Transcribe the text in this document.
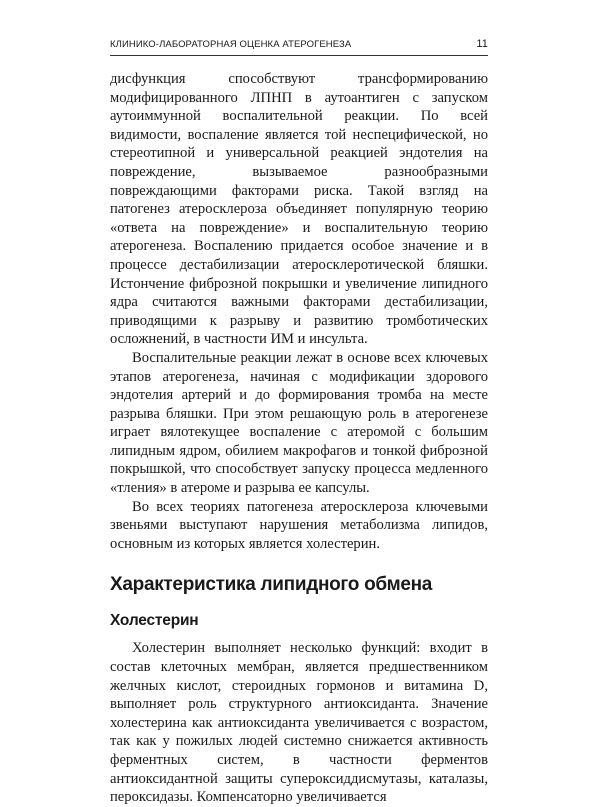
КЛИНИКО-ЛАБОРАТОРНАЯ ОЦЕНКА АТЕРОГЕНЕЗА	11

дисфункция способствуют трансформированию модифицированного ЛПНП в аутоантиген с запуском аутоиммунной воспалительной реакции. По всей видимости, воспаление является той неспецифической, но стереотипной и универсальной реакцией эндотелия на повреждение, вызываемое разнообразными повреждающими факторами риска. Такой взгляд на патогенез атеросклероза объединяет популярную теорию «ответа на повреждение» и воспалительную теорию атерогенеза. Воспалению придается особое значение и в процессе дестабилизации атеросклеротической бляшки. Истончение фиброзной покрышки и увеличение липидного ядра считаются важными факторами дестабилизации, приводящими к разрыву и развитию тромботических осложнений, в частности ИМ и инсульта.

Воспалительные реакции лежат в основе всех ключевых этапов атерогенеза, начиная с модификации здорового эндотелия артерий и до формирования тромба на месте разрыва бляшки. При этом решающую роль в атерогенезе играет вялотекущее воспаление с атеромой с большим липидным ядром, обилием макрофагов и тонкой фиброзной покрышкой, что способствует запуску процесса медленного «тления» в атероме и разрыва ее капсулы.

Во всех теориях патогенеза атеросклероза ключевыми звеньями выступают нарушения метаболизма липидов, основным из которых является холестерин.

Характеристика липидного обмена
Холестерин

Холестерин выполняет несколько функций: входит в состав клеточных мембран, является предшественником желчных кислот, стероидных гормонов и витамина D, выполняет роль структурного антиоксиданта. Значение холестерина как антиоксиданта увеличивается с возрастом, так как у пожилых людей системно снижается активность ферментных систем, в частности ферментов антиоксидантной защиты супероксиддисмутазы, каталазы, пероксидазы. Компенсаторно увеличивается
